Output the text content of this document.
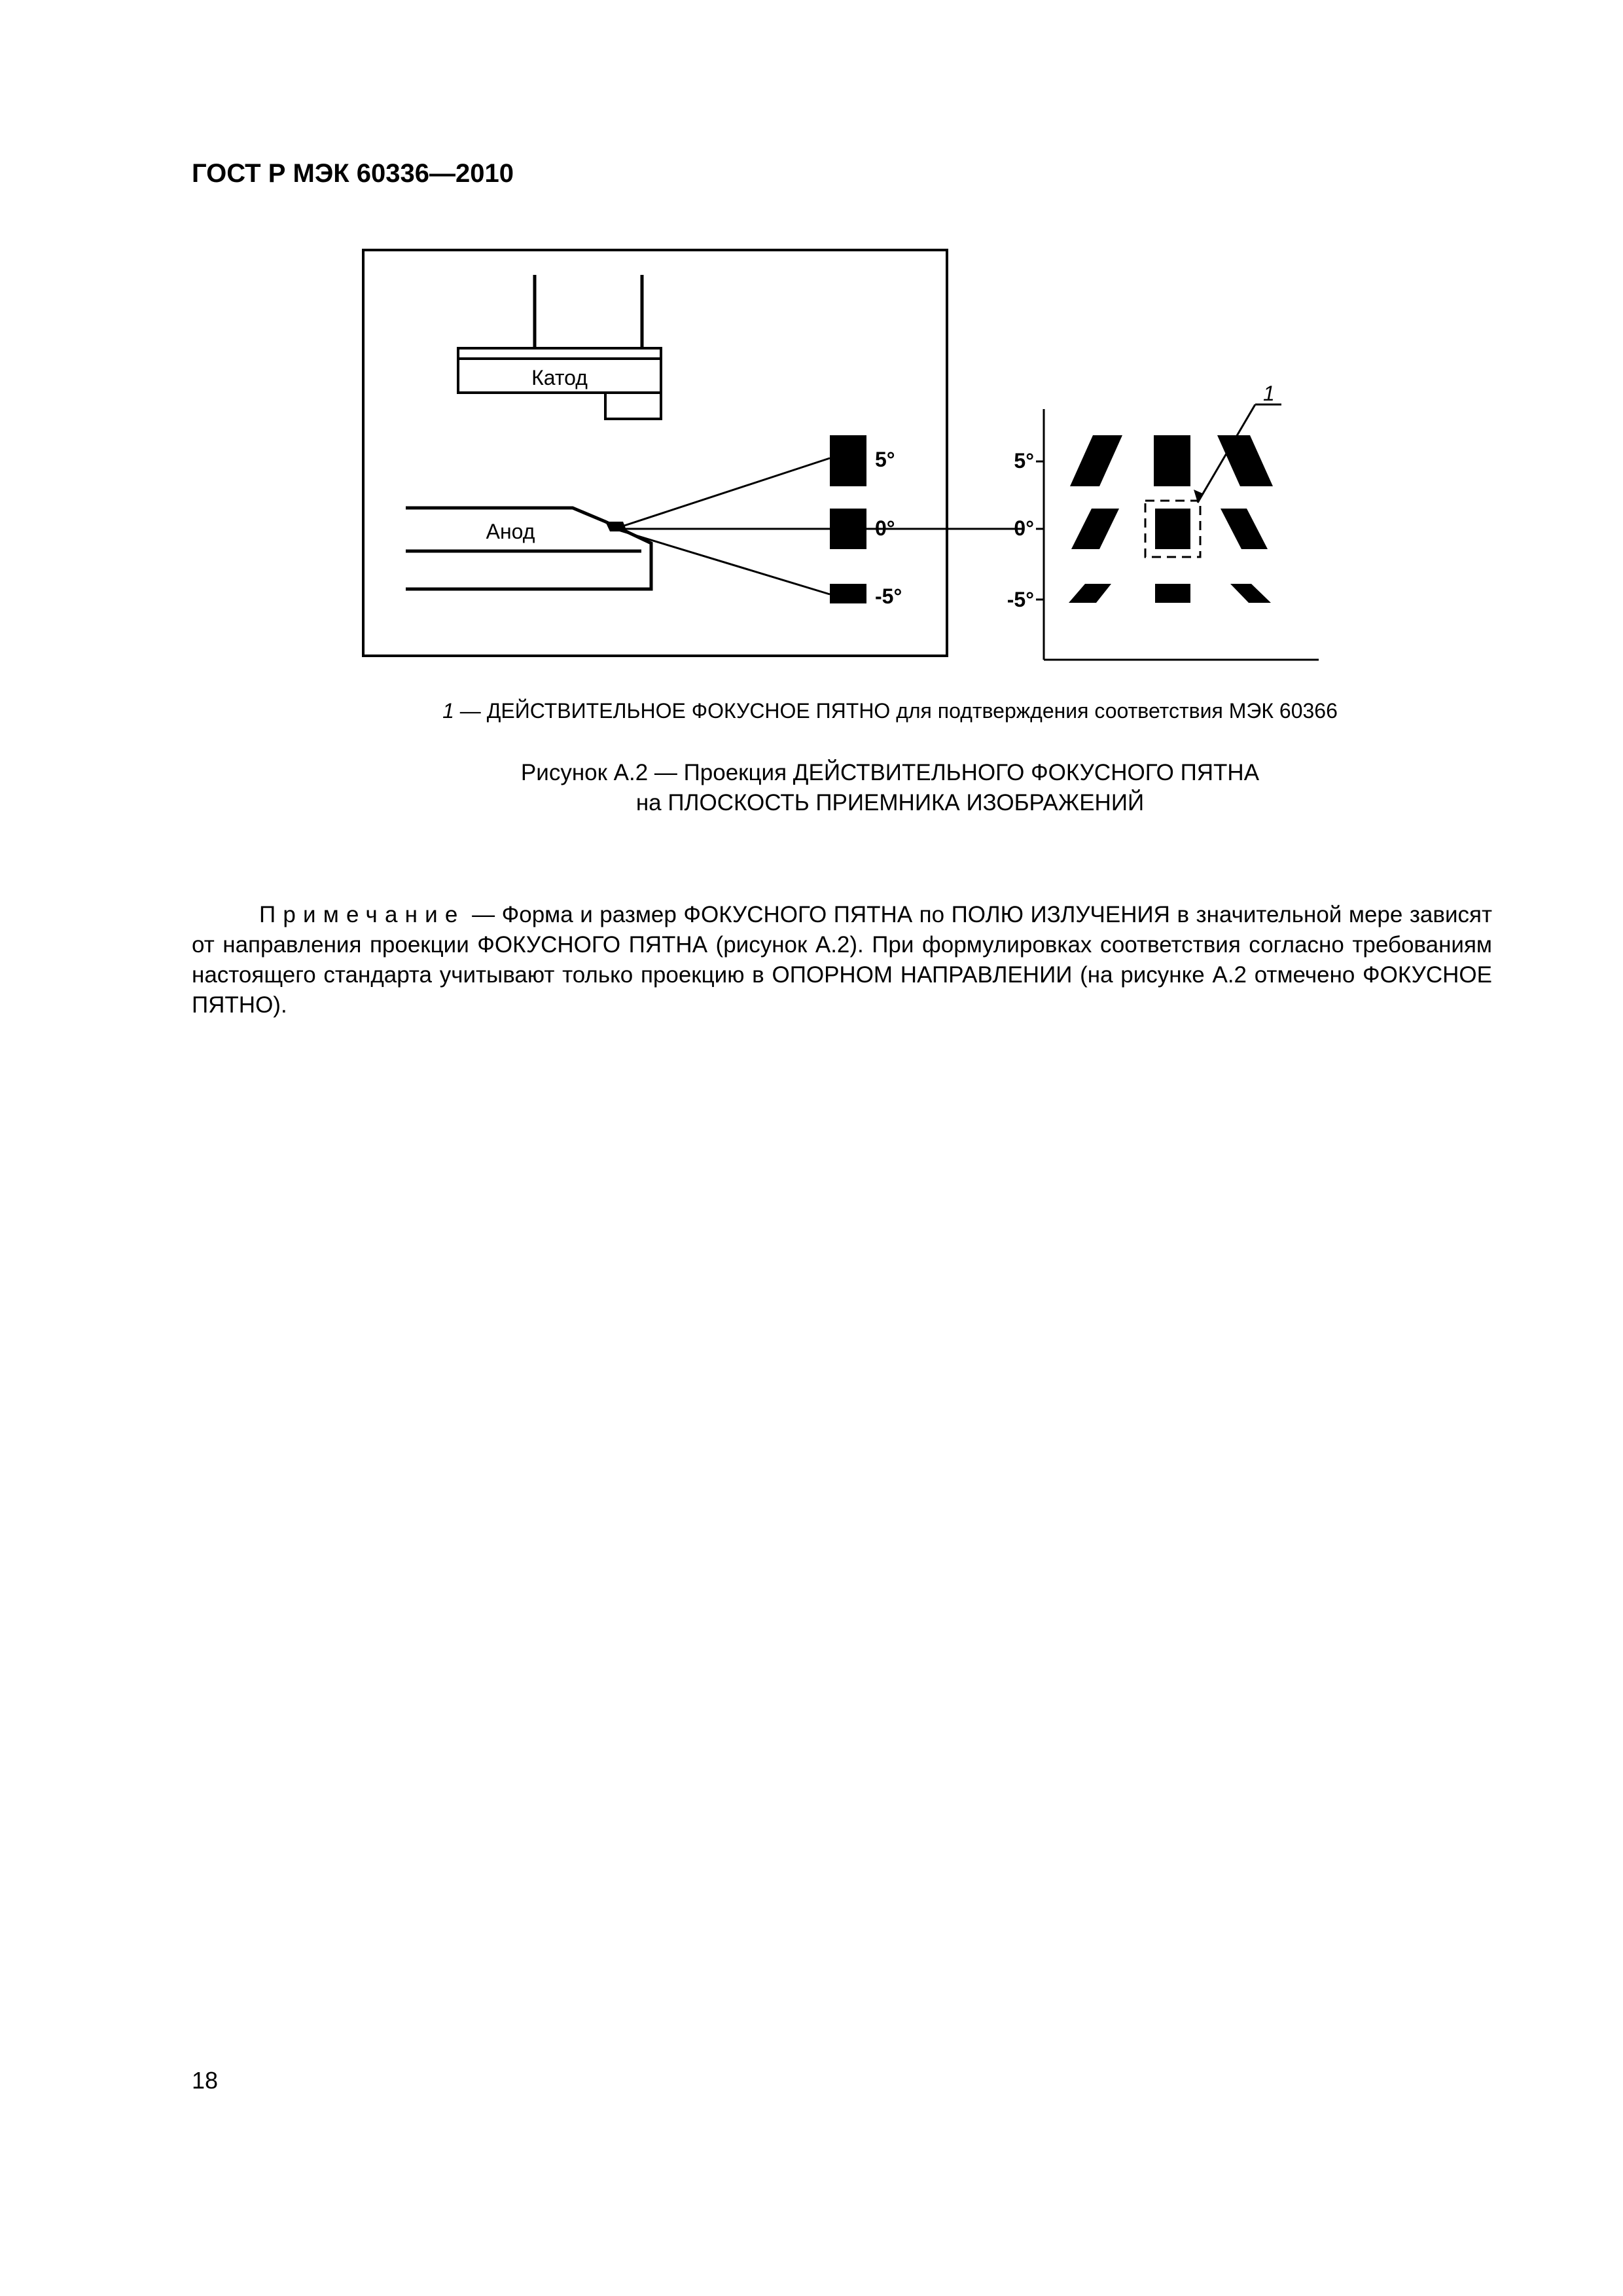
ГОСТ Р МЭК 60336—2010
Катод
Анод
5°
0°
-5°
5°
0°
-5°
1
1 — ДЕЙСТВИТЕЛЬНОЕ ФОКУСНОЕ ПЯТНО для подтверждения соответствия МЭК 60366
Рисунок А.2 — Проекция ДЕЙСТВИТЕЛЬНОГО ФОКУСНОГО ПЯТНА
на ПЛОСКОСТЬ ПРИЕМНИКА ИЗОБРАЖЕНИЙ
Примечание — Форма и размер ФОКУСНОГО ПЯТНА по ПОЛЮ ИЗЛУЧЕНИЯ в значительной мере зависят от направления проекции ФОКУСНОГО ПЯТНА (рисунок А.2). При формулировках соответствия согласно требованиям настоящего стандарта учитывают только проекцию в ОПОРНОМ НАПРАВЛЕНИИ (на рисунке А.2 отмечено ФОКУСНОЕ ПЯТНО).
18
